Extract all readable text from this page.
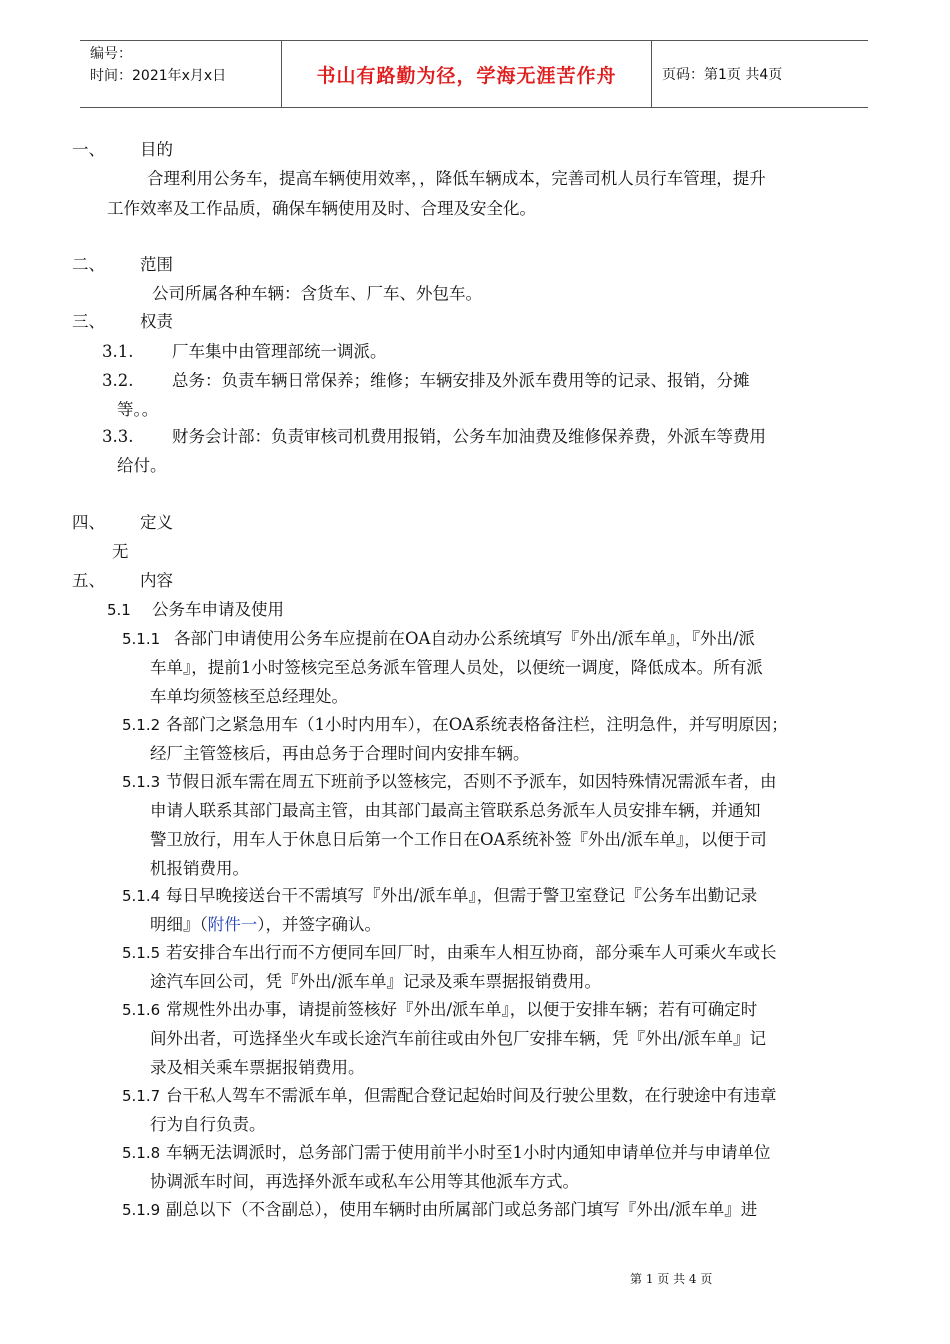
编号：
时间：2021年x月x日	书山有路勤为径，学海无涯苦作舟	页码：第1页 共4页
一、 目的
合理利用公务车，提高车辆使用效率，，降低车辆成本，完善司机人员行车管理，提升
工作效率及工作品质，确保车辆使用及时、合理及安全化。
二、 范围
公司所属各种车辆：含货车、厂车、外包车。
三、 权责
3.1. 厂车集中由管理部统一调派。
3.2. 总务：负责车辆日常保养；维修；车辆安排及外派车费用等的记录、报销，分摊
等。。
3.3. 财务会计部：负责审核司机费用报销，公务车加油费及维修保养费，外派车等费用
给付。
四、 定义
无
五、 内容
5.1 公务车申请及使用
5.1.1 各部门申请使用公务车应提前在OA自动办公系统填写『外出/派车单』，『外出/派
车单』，提前1小时签核完至总务派车管理人员处，以便统一调度，降低成本。所有派
车单均须签核至总经理处。
5.1.2 各部门之紧急用车（1小时内用车），在OA系统表格备注栏，注明急件，并写明原因；
经厂主管签核后，再由总务于合理时间内安排车辆。
5.1.3 节假日派车需在周五下班前予以签核完，否则不予派车，如因特殊情况需派车者，由
申请人联系其部门最高主管，由其部门最高主管联系总务派车人员安排车辆，并通知
警卫放行，用车人于休息日后第一个工作日在OA系统补签『外出/派车单』，以便于司
机报销费用。
5.1.4 每日早晚接送台干不需填写『外出/派车单』，但需于警卫室登记『公务车出勤记录
明细』（附件一），并签字确认。
5.1.5 若安排合车出行而不方便同车回厂时，由乘车人相互协商，部分乘车人可乘火车或长
途汽车回公司，凭『外出/派车单』记录及乘车票据报销费用。
5.1.6 常规性外出办事，请提前签核好『外出/派车单』，以便于安排车辆；若有可确定时
间外出者，可选择坐火车或长途汽车前往或由外包厂安排车辆，凭『外出/派车单』记
录及相关乘车票据报销费用。
5.1.7 台干私人驾车不需派车单，但需配合登记起始时间及行驶公里数，在行驶途中有违章
行为自行负责。
5.1.8 车辆无法调派时，总务部门需于使用前半小时至1小时内通知申请单位并与申请单位
协调派车时间，再选择外派车或私车公用等其他派车方式。
5.1.9 副总以下（不含副总），使用车辆时由所属部门或总务部门填写『外出/派车单』进
第 1 页 共 4 页
